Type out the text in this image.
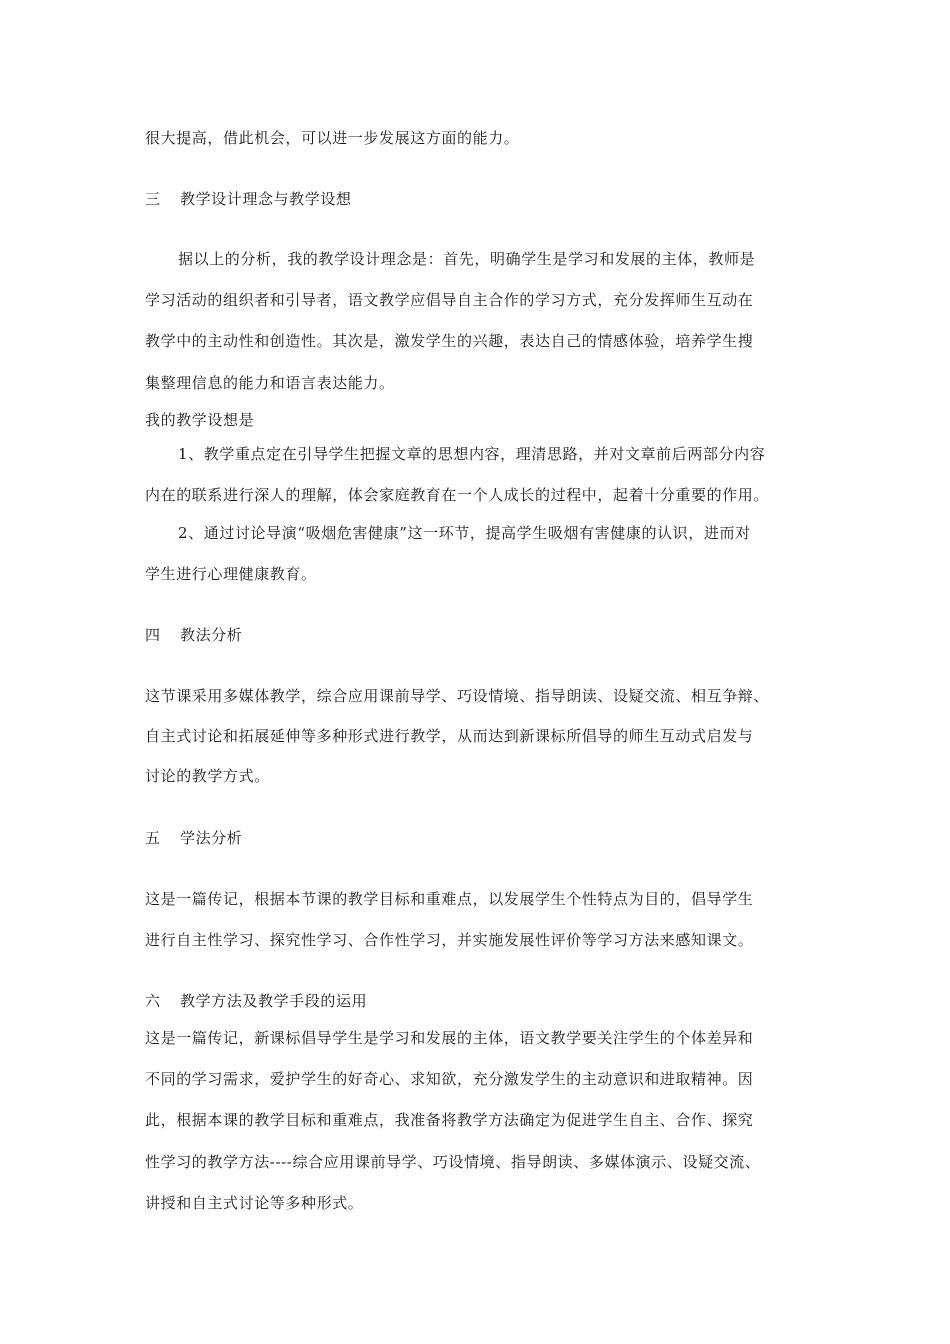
很大提高，借此机会，可以进一步发展这方面的能力。
三 教学设计理念与教学设想
据以上的分析，我的教学设计理念是：首先，明确学生是学习和发展的主体，教师是
学习活动的组织者和引导者，语文教学应倡导自主合作的学习方式，充分发挥师生互动在
教学中的主动性和创造性。其次是，激发学生的兴趣，表达自己的情感体验，培养学生搜
集整理信息的能力和语言表达能力。
我的教学设想是
1、教学重点定在引导学生把握文章的思想内容，理清思路，并对文章前后两部分内容
内在的联系进行深人的理解，体会家庭教育在一个人成长的过程中，起着十分重要的作用。
2、通过讨论导演“吸烟危害健康”这一环节，提高学生吸烟有害健康的认识，进而对
学生进行心理健康教育。
四 教法分析
这节课采用多媒体教学，综合应用课前导学、巧设情境、指导朗读、设疑交流、相互争辩、
自主式讨论和拓展延伸等多种形式进行教学，从而达到新课标所倡导的师生互动式启发与
讨论的教学方式。
五 学法分析
这是一篇传记，根据本节课的教学目标和重难点，以发展学生个性特点为目的，倡导学生
进行自主性学习、探究性学习、合作性学习，并实施发展性评价等学习方法来感知课文。
六 教学方法及教学手段的运用
这是一篇传记，新课标倡导学生是学习和发展的主体，语文教学要关注学生的个体差异和
不同的学习需求，爱护学生的好奇心、求知欲，充分激发学生的主动意识和进取精神。因
此，根据本课的教学目标和重难点，我准备将教学方法确定为促进学生自主、合作、探究
性学习的教学方法----综合应用课前导学、巧设情境、指导朗读、多媒体演示、设疑交流、
讲授和自主式讨论等多种形式。
